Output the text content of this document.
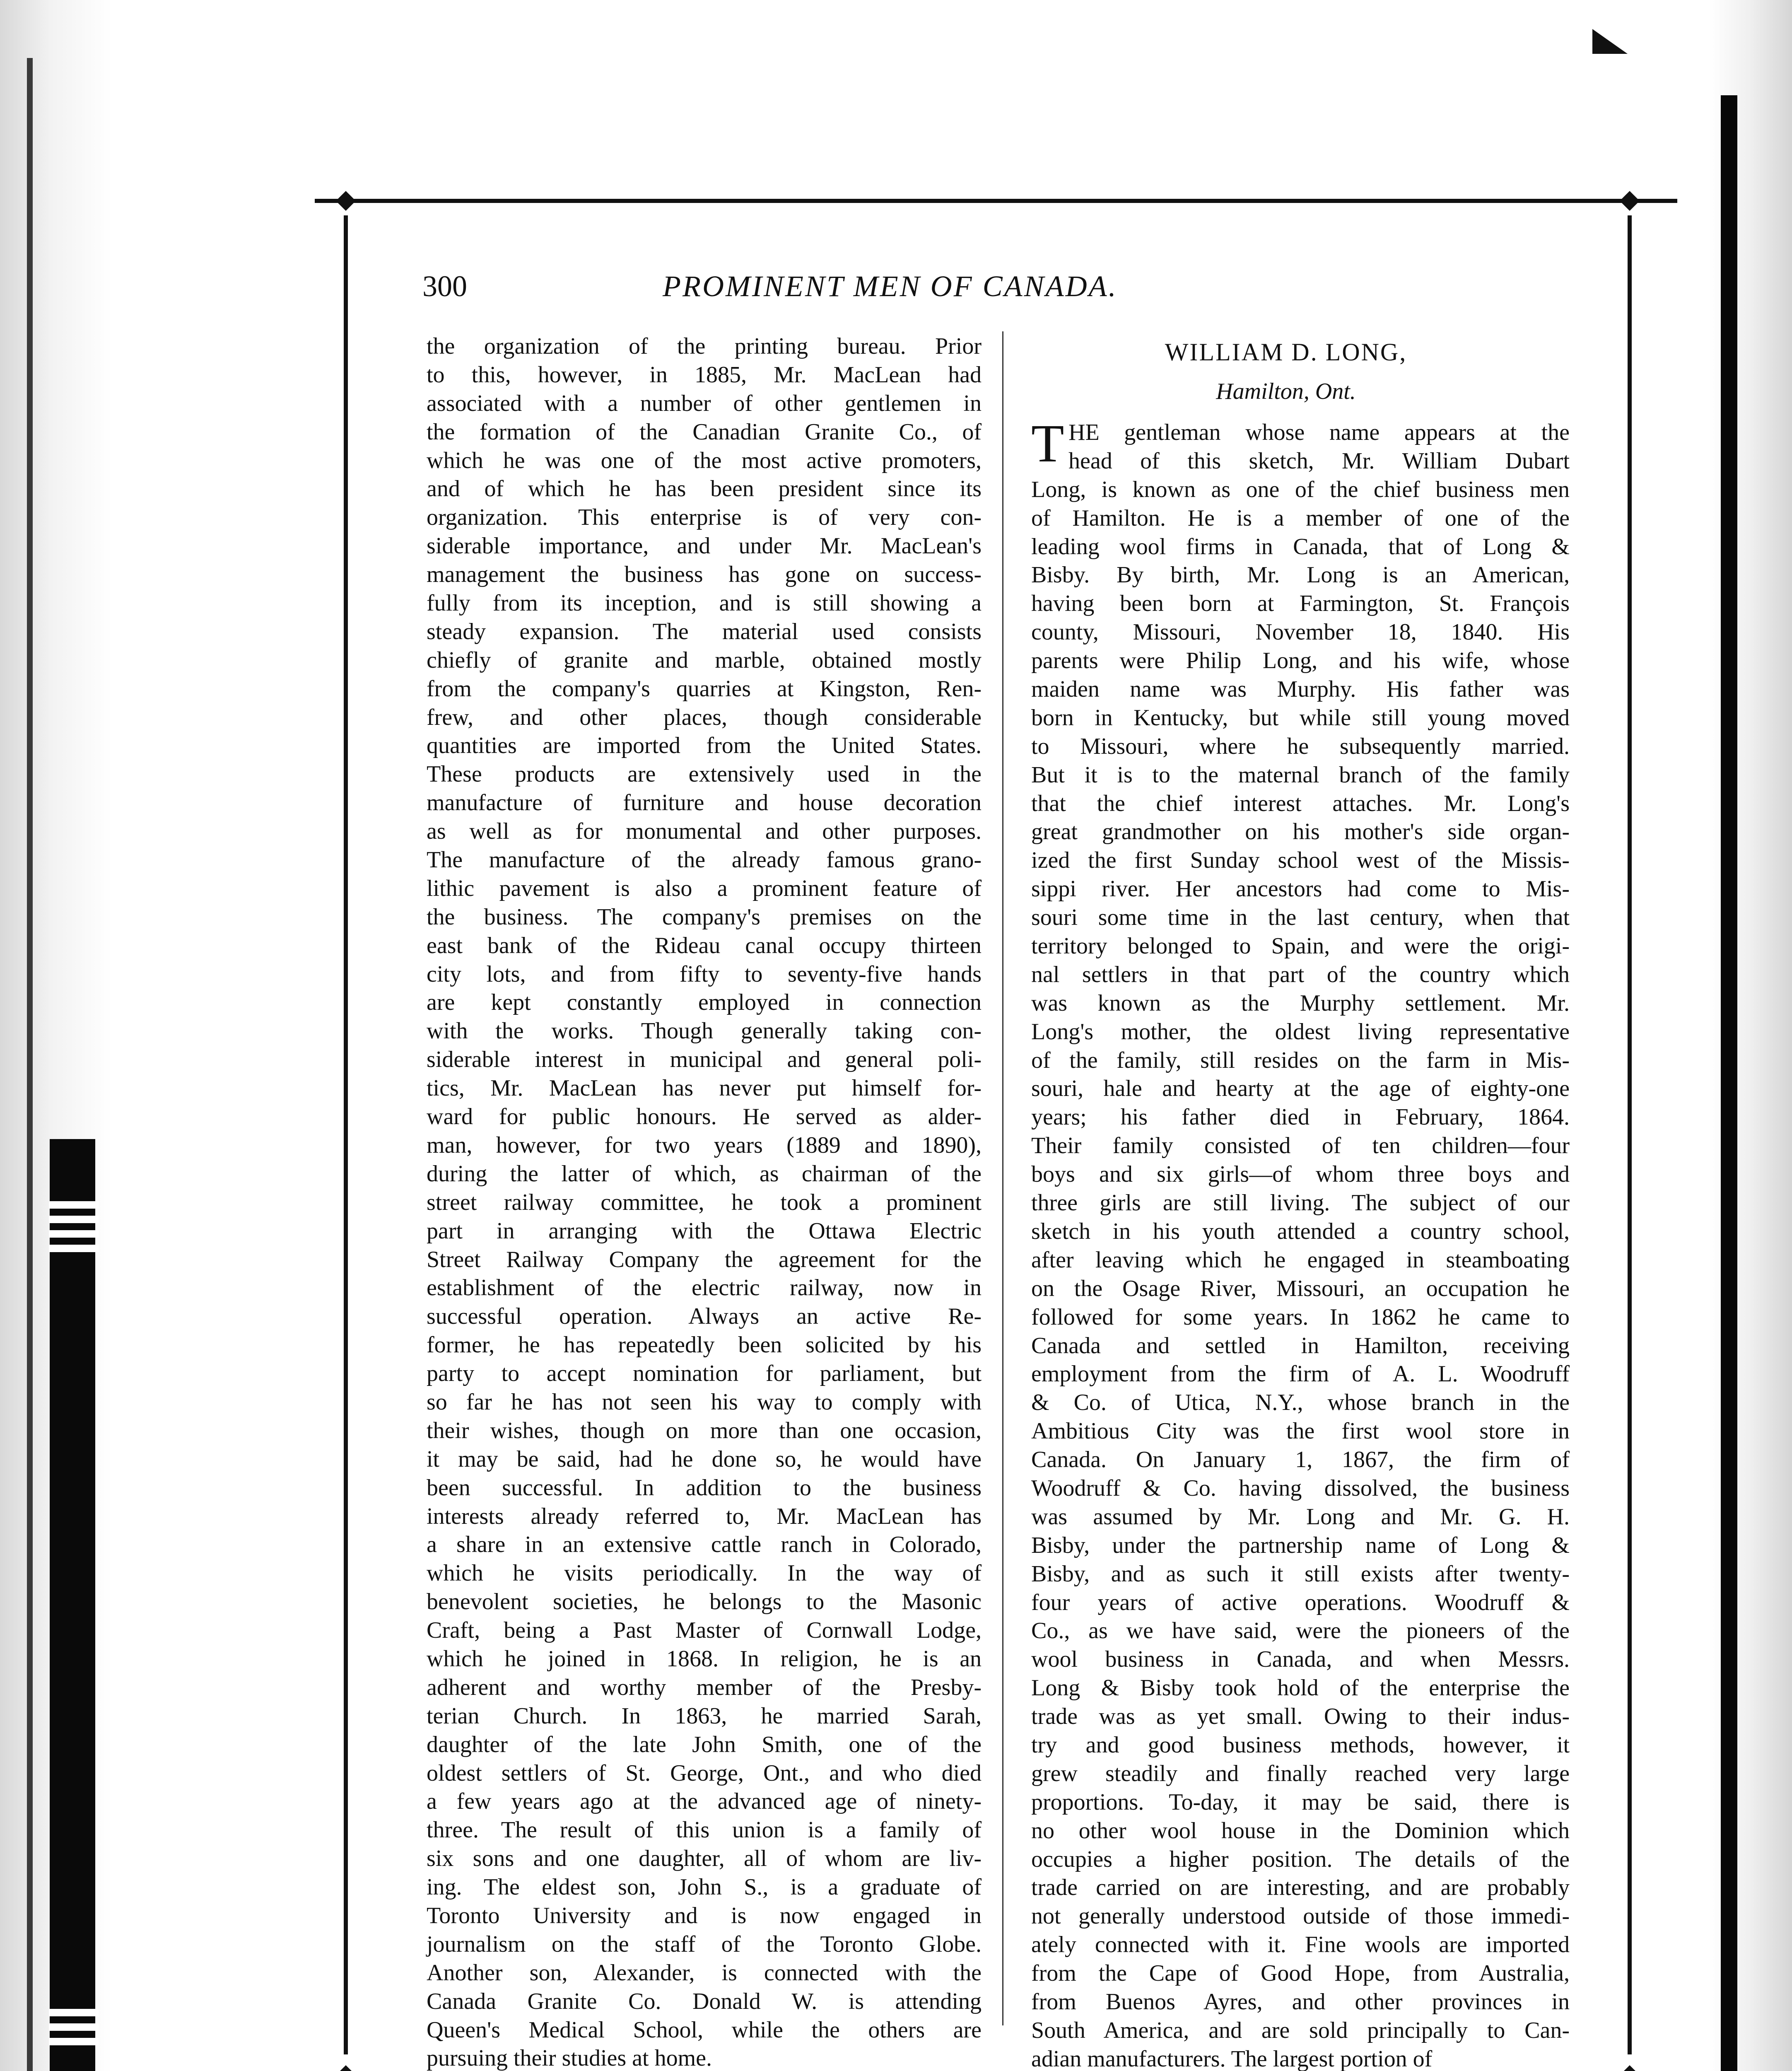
300	PROMINENT MEN OF CANADA.
the organization of the printing bureau. Prior
to this, however, in 1885, Mr. MacLean had
associated with a number of other gentlemen in
the formation of the Canadian Granite Co., of
which he was one of the most active promoters,
and of which he has been president since its
organization. This enterprise is of very con-
siderable importance, and under Mr. MacLean's
management the business has gone on success-
fully from its inception, and is still showing a
steady expansion. The material used consists
chiefly of granite and marble, obtained mostly
from the company's quarries at Kingston, Ren-
frew, and other places, though considerable
quantities are imported from the United States.
These products are extensively used in the
manufacture of furniture and house decoration
as well as for monumental and other purposes.
The manufacture of the already famous grano-
lithic pavement is also a prominent feature of
the business. The company's premises on the
east bank of the Rideau canal occupy thirteen
city lots, and from fifty to seventy-five hands
are kept constantly employed in connection
with the works. Though generally taking con-
siderable interest in municipal and general poli-
tics, Mr. MacLean has never put himself for-
ward for public honours. He served as alder-
man, however, for two years (1889 and 1890),
during the latter of which, as chairman of the
street railway committee, he took a prominent
part in arranging with the Ottawa Electric
Street Railway Company the agreement for the
establishment of the electric railway, now in
successful operation. Always an active Re-
former, he has repeatedly been solicited by his
party to accept nomination for parliament, but
so far he has not seen his way to comply with
their wishes, though on more than one occasion,
it may be said, had he done so, he would have
been successful. In addition to the business
interests already referred to, Mr. MacLean has
a share in an extensive cattle ranch in Colorado,
which he visits periodically. In the way of
benevolent societies, he belongs to the Masonic
Craft, being a Past Master of Cornwall Lodge,
which he joined in 1868. In religion, he is an
adherent and worthy member of the Presby-
terian Church. In 1863, he married Sarah,
daughter of the late John Smith, one of the
oldest settlers of St. George, Ont., and who died
a few years ago at the advanced age of ninety-
three. The result of this union is a family of
six sons and one daughter, all of whom are liv-
ing. The eldest son, John S., is a graduate of
Toronto University and is now engaged in
journalism on the staff of the Toronto Globe.
Another son, Alexander, is connected with the
Canada Granite Co. Donald W. is attending
Queen's Medical School, while the others are
pursuing their studies at home.
WILLIAM D. LONG,
Hamilton, Ont.
T HE gentleman whose name appears at the
head of this sketch, Mr. William Dubart
Long, is known as one of the chief business men
of Hamilton. He is a member of one of the
leading wool firms in Canada, that of Long &
Bisby. By birth, Mr. Long is an American,
having been born at Farmington, St. François
county, Missouri, November 18, 1840. His
parents were Philip Long, and his wife, whose
maiden name was Murphy. His father was
born in Kentucky, but while still young moved
to Missouri, where he subsequently married.
But it is to the maternal branch of the family
that the chief interest attaches. Mr. Long's
great grandmother on his mother's side organ-
ized the first Sunday school west of the Missis-
sippi river. Her ancestors had come to Mis-
souri some time in the last century, when that
territory belonged to Spain, and were the origi-
nal settlers in that part of the country which
was known as the Murphy settlement. Mr.
Long's mother, the oldest living representative
of the family, still resides on the farm in Mis-
souri, hale and hearty at the age of eighty-one
years; his father died in February, 1864.
Their family consisted of ten children—four
boys and six girls—of whom three boys and
three girls are still living. The subject of our
sketch in his youth attended a country school,
after leaving which he engaged in steamboating
on the Osage River, Missouri, an occupation he
followed for some years. In 1862 he came to
Canada and settled in Hamilton, receiving
employment from the firm of A. L. Woodruff
& Co. of Utica, N.Y., whose branch in the
Ambitious City was the first wool store in
Canada. On January 1, 1867, the firm of
Woodruff & Co. having dissolved, the business
was assumed by Mr. Long and Mr. G. H.
Bisby, under the partnership name of Long &
Bisby, and as such it still exists after twenty-
four years of active operations. Woodruff &
Co., as we have said, were the pioneers of the
wool business in Canada, and when Messrs.
Long & Bisby took hold of the enterprise the
trade was as yet small. Owing to their indus-
try and good business methods, however, it
grew steadily and finally reached very large
proportions. To-day, it may be said, there is
no other wool house in the Dominion which
occupies a higher position. The details of the
trade carried on are interesting, and are probably
not generally understood outside of those immedi-
ately connected with it. Fine wools are imported
from the Cape of Good Hope, from Australia,
from Buenos Ayres, and other provinces in
South America, and are sold principally to Can-
adian manufacturers. The largest portion of
